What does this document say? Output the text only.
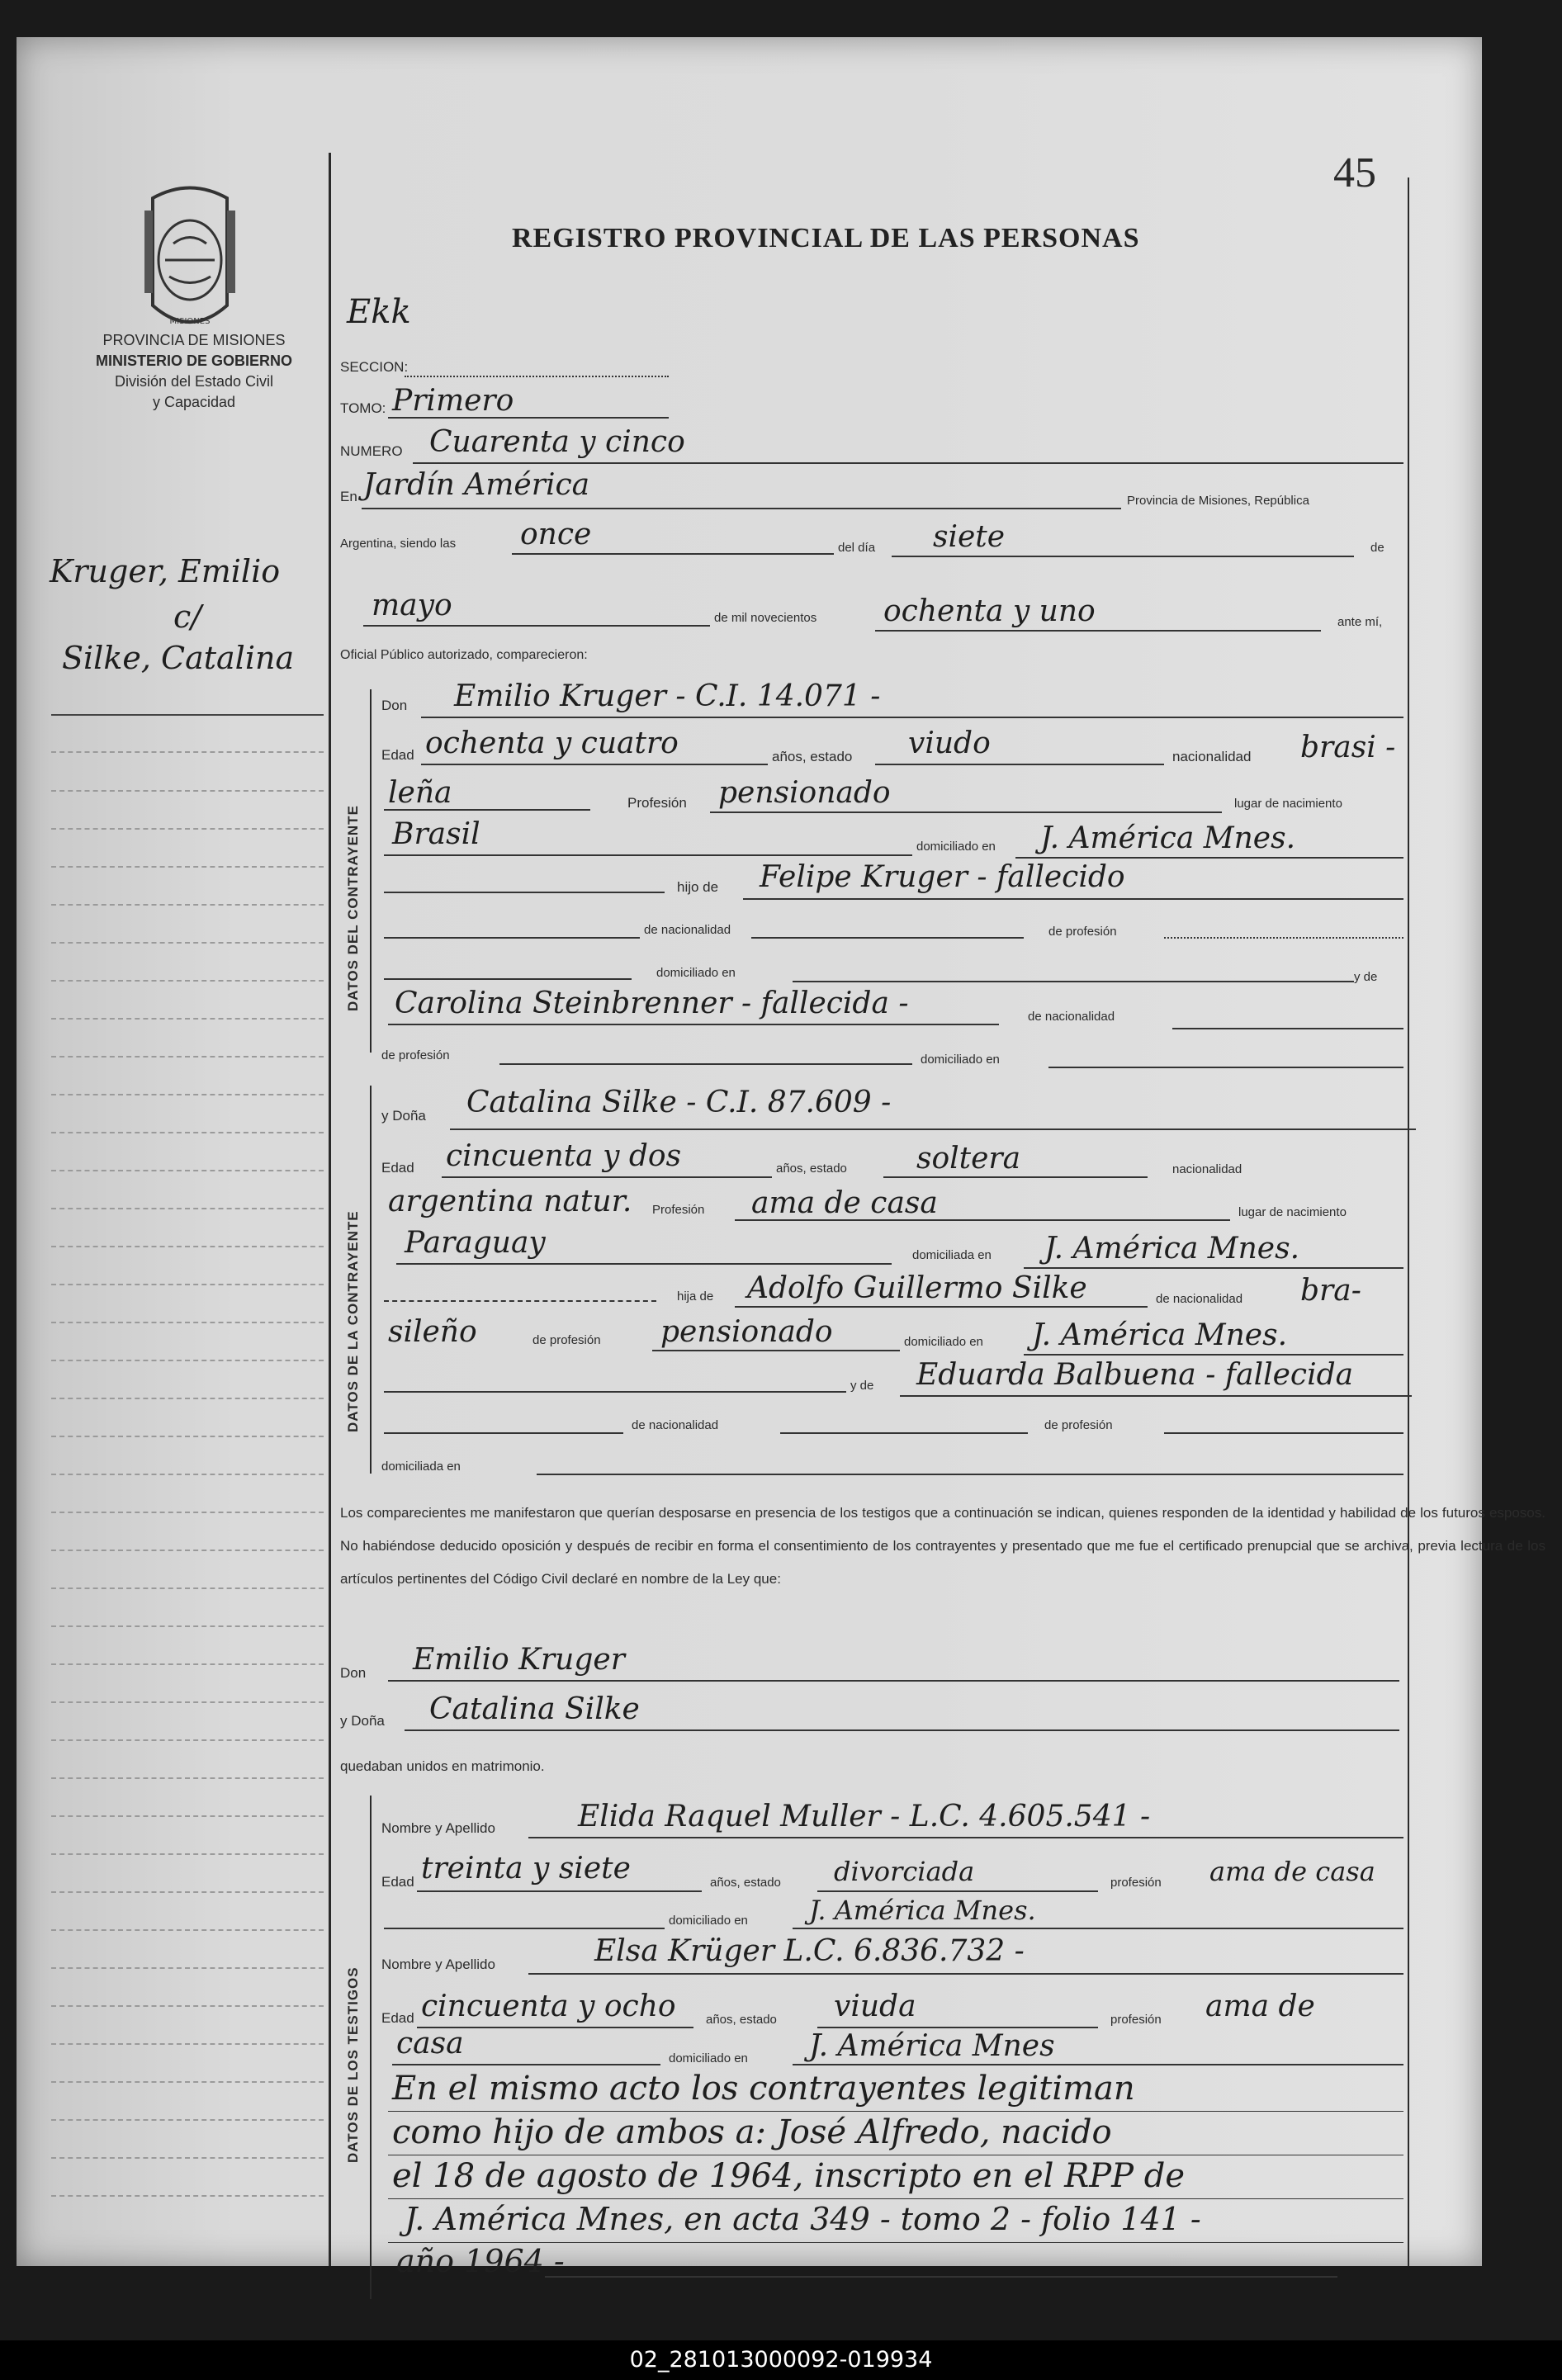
MISIONES
PROVINCIA DE MISIONES
MINISTERIO DE GOBIERNO
División del Estado Civil
y Capacidad
Kruger, Emilio
c/
Silke, Catalina
45
REGISTRO PROVINCIAL DE LAS PERSONAS
Ekk
SECCION:
TOMO: Primero
NUMERO Cuarenta y cinco
En Jardín América	Provincia de Misiones, República
Argentina, siendo las once	del día siete	de
mayo	de mil novecientos ochenta y uno	ante mí,
Oficial Público autorizado, comparecieron:
DATOS DEL CONTRAYENTE
Don Emilio Kruger - C.I. 14.071 -
Edad ochenta y cuatro	años, estado viudo	nacionalidad brasi -
leña	Profesión pensionado	lugar de nacimiento
Brasil	domiciliado en J. América Mnes.
hijo de Felipe Kruger - fallecido
de nacionalidad	de profesión
domiciliado en	y de
Carolina Steinbrenner - fallecida -	de nacionalidad
de profesión	domiciliado en
DATOS DE LA CONTRAYENTE
y Doña Catalina Silke - C.I. 87.609 -
Edad cincuenta y dos	años, estado soltera	nacionalidad
argentina natur. Profesión ama de casa	lugar de nacimiento
Paraguay	domiciliada en J. América Mnes.
hija de Adolfo Guillermo Silke	de nacionalidad bra-
sileño	de profesión pensionado	domiciliado en J. América Mnes.
y de Eduarda Balbuena - fallecida
de nacionalidad	de profesión
domiciliada en
Los comparecientes me manifestaron que querían desposarse en presencia de los testigos que a continuación se indican, quienes responden de la identidad y habilidad de los futuros esposos. No habiéndose deducido oposición y después de recibir en forma el consentimiento de los contrayentes y presentado que me fue el certificado prenupcial que se archiva, previa lectura de los artículos pertinentes del Código Civil declaré en nombre de la Ley que:
Don Emilio Kruger
y Doña Catalina Silke
quedaban unidos en matrimonio.
DATOS DE LOS TESTIGOS
Nombre y Apellido	Elida Raquel Muller - L.C. 4.605.541 -
Edad treinta y siete	años, estado divorciada	profesión ama de casa
domiciliado en J. América Mnes.
Nombre y Apellido	Elsa Krüger L.C. 6.836.732 -
Edad cincuenta y ocho años, estado viuda	profesión ama de
casa	domiciliado en J. América Mnes
En el mismo acto los contrayentes legitiman
como hijo de ambos a: José Alfredo, nacido
el 18 de agosto de 1964, inscripto en el RPP de
J. América Mnes, en acta 349 - tomo 2 - folio 141 -
año 1964 -
02_281013000092-019934
